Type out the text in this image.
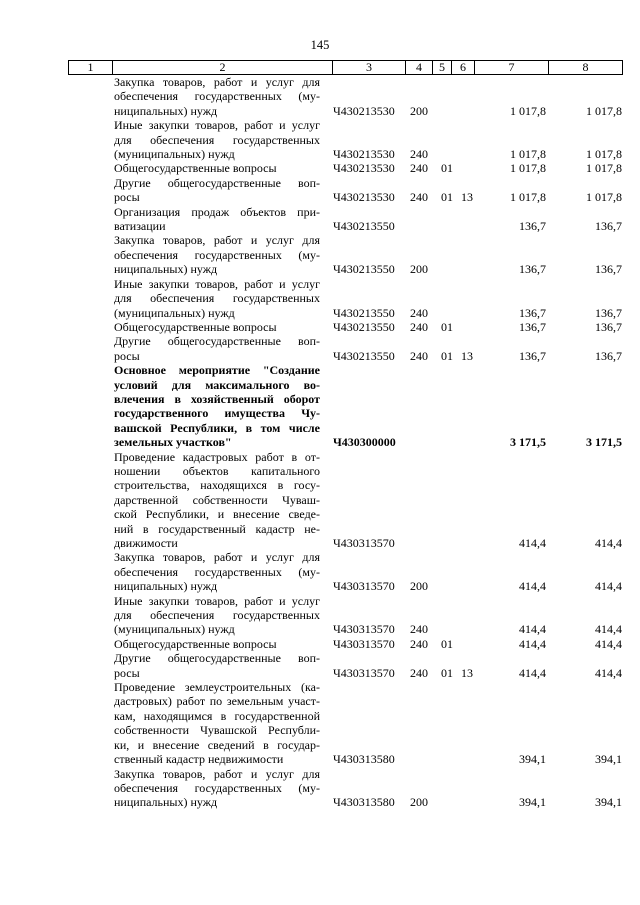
145
1	2	3	4	5	6	7	8
Закупка товаров, работ и услуг для
обеспечения государственных (му-
ниципальных) нужд	Ч430213530 200	1 017,8	1 017,8
Иные закупки товаров, работ и услуг
для обеспечения государственных
(муниципальных) нужд	Ч430213530 240	1 017,8	1 017,8
Общегосударственные вопросы	Ч430213530 240 01	1 017,8	1 017,8
Другие общегосударственные воп-
росы	Ч430213530 240 01 13	1 017,8	1 017,8
Организация продаж объектов при-
ватизации	Ч430213550	136,7	136,7
Закупка товаров, работ и услуг для
обеспечения государственных (му-
ниципальных) нужд	Ч430213550 200	136,7	136,7
Иные закупки товаров, работ и услуг
для обеспечения государственных
(муниципальных) нужд	Ч430213550 240	136,7	136,7
Общегосударственные вопросы	Ч430213550 240 01	136,7	136,7
Другие общегосударственные воп-
росы	Ч430213550 240 01 13	136,7	136,7
Основное мероприятие "Создание
условий для максимального во-
влечения в хозяйственный оборот
государственного имущества Чу-
вашской Республики, в том числе
земельных участков"	Ч430300000	3 171,5	3 171,5
Проведение кадастровых работ в от-
ношении объектов капитального
строительства, находящихся в госу-
дарственной собственности Чуваш-
ской Республики, и внесение сведе-
ний в государственный кадастр не-
движимости	Ч430313570	414,4	414,4
Закупка товаров, работ и услуг для
обеспечения государственных (му-
ниципальных) нужд	Ч430313570 200	414,4	414,4
Иные закупки товаров, работ и услуг
для обеспечения государственных
(муниципальных) нужд	Ч430313570 240	414,4	414,4
Общегосударственные вопросы	Ч430313570 240 01	414,4	414,4
Другие общегосударственные воп-
росы	Ч430313570 240 01 13	414,4	414,4
Проведение землеустроительных (ка-
дастровых) работ по земельным участ-
кам, находящимся в государственной
собственности Чувашской Республи-
ки, и внесение сведений в государ-
ственный кадастр недвижимости	Ч430313580	394,1	394,1
Закупка товаров, работ и услуг для
обеспечения государственных (му-
ниципальных) нужд	Ч430313580 200	394,1	394,1
